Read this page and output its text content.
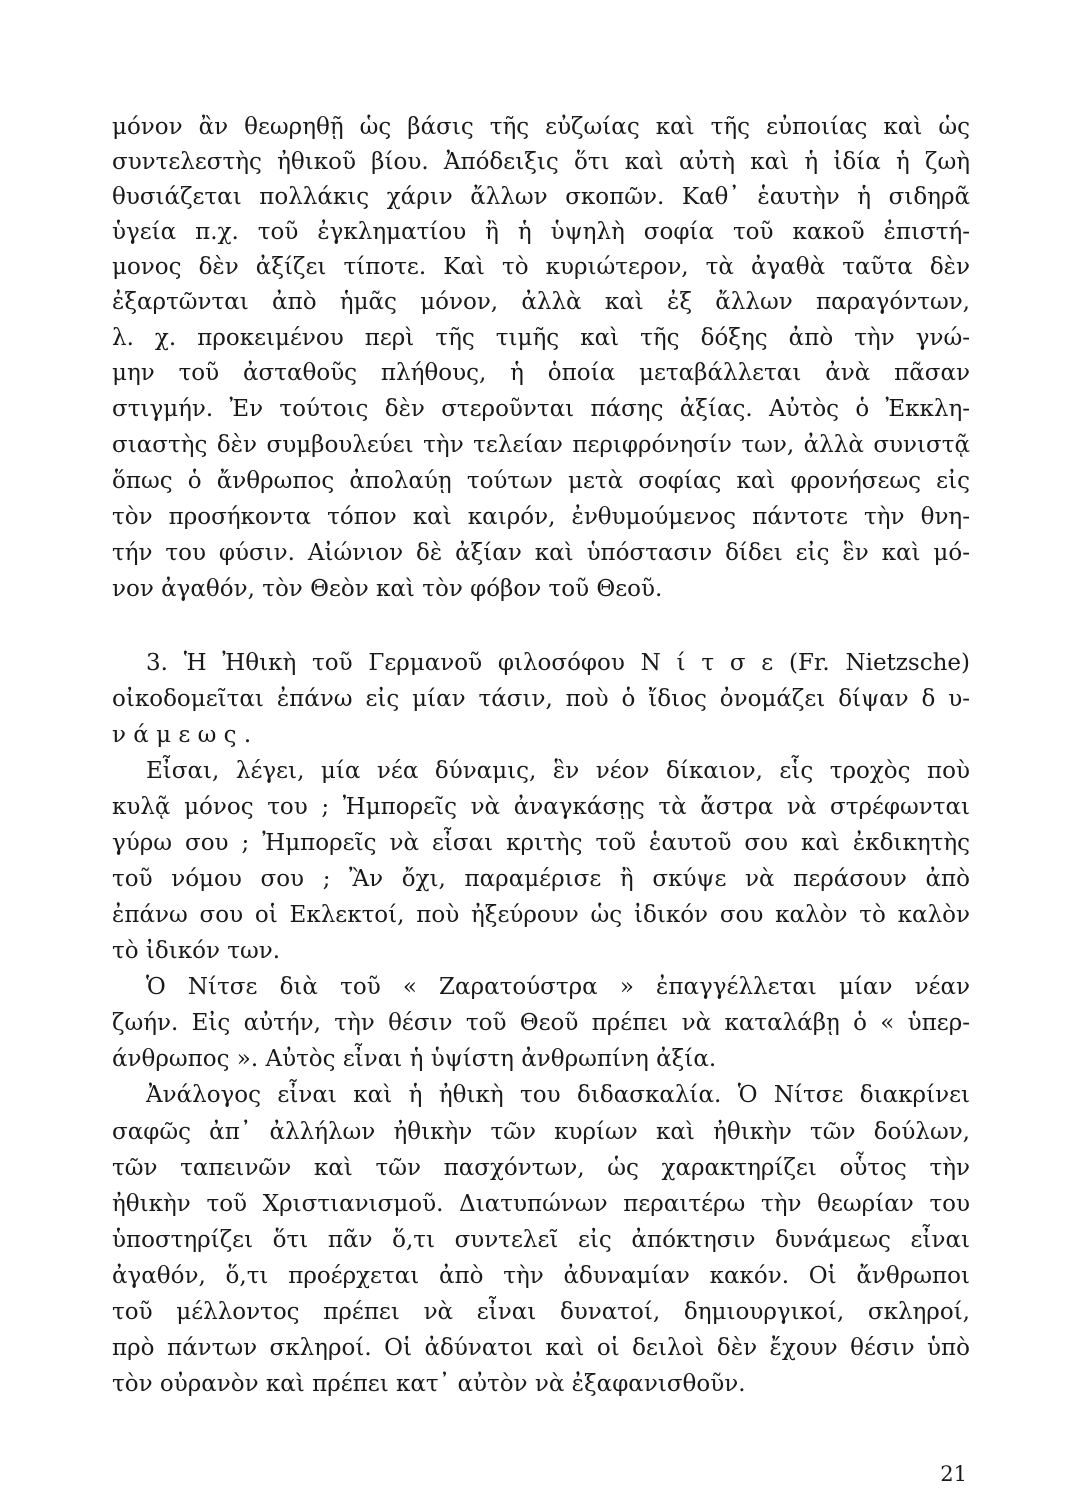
μόνον ἂν θεωρηθῇ ὡς βάσις τῆς εὐζωίας καὶ τῆς εὐποιίας καὶ ὡς
συντελεστὴς ἠθικοῦ βίου. Ἀπόδειξις ὅτι καὶ αὐτὴ καὶ ἡ ἰδία ἡ ζωὴ
θυσιάζεται πολλάκις χάριν ἄλλων σκοπῶν. Καθ᾽ ἑαυτὴν ἡ σιδηρᾶ
ὑγεία π.χ. τοῦ ἐγκληματίου ἢ ἡ ὑψηλὴ σοφία τοῦ κακοῦ ἐπιστή-
μονος δὲν ἀξίζει τίποτε. Καὶ τὸ κυριώτερον, τὰ ἀγαθὰ ταῦτα δὲν
ἐξαρτῶνται ἀπὸ ἡμᾶς μόνον, ἀλλὰ καὶ ἐξ ἄλλων παραγόντων,
λ. χ. προκειμένου περὶ τῆς τιμῆς καὶ τῆς δόξης ἀπὸ τὴν γνώ-
μην τοῦ ἀσταθοῦς πλήθους, ἡ ὁποία μεταβάλλεται ἀνὰ πᾶσαν
στιγμήν. Ἐν τούτοις δὲν στεροῦνται πάσης ἀξίας. Αὐτὸς ὁ Ἐκκλη-
σιαστὴς δὲν συμβουλεύει τὴν τελείαν περιφρόνησίν των, ἀλλὰ συνιστᾷ
ὅπως ὁ ἄνθρωπος ἀπολαύῃ τούτων μετὰ σοφίας καὶ φρονήσεως εἰς
τὸν προσήκοντα τόπον καὶ καιρόν, ἐνθυμούμενος πάντοτε τὴν θνη-
τήν του φύσιν. Αἰώνιον δὲ ἀξίαν καὶ ὑπόστασιν δίδει εἰς ἓν καὶ μό-
νον ἀγαθόν, τὸν Θεὸν καὶ τὸν φόβον τοῦ Θεοῦ.
3. Ἡ Ἠθικὴ τοῦ Γερμανοῦ φιλοσόφου Ν ί τ σ ε (Fr. Nietzsche)
οἰκοδομεῖται ἐπάνω εἰς μίαν τάσιν, ποὺ ὁ ἴδιος ὀνομάζει δίψαν δ υ-
ν ά μ ε ω ς .
Εἶσαι, λέγει, μία νέα δύναμις, ἓν νέον δίκαιον, εἷς τροχὸς ποὺ
κυλᾷ μόνος του ; Ἠμπορεῖς νὰ ἀναγκάσῃς τὰ ἄστρα νὰ στρέφωνται
γύρω σου ; Ἠμπορεῖς νὰ εἶσαι κριτὴς τοῦ ἑαυτοῦ σου καὶ ἐκδικητὴς
τοῦ νόμου σου ; Ἂν ὄχι, παραμέρισε ἢ σκύψε νὰ περάσουν ἀπὸ
ἐπάνω σου οἱ Εκλεκτοί, ποὺ ἠξεύρουν ὡς ἰδικόν σου καλὸν τὸ καλὸν
τὸ ἰδικόν των.
Ὁ Νίτσε διὰ τοῦ « Ζαρατούστρα » ἐπαγγέλλεται μίαν νέαν
ζωήν. Εἰς αὐτήν, τὴν θέσιν τοῦ Θεοῦ πρέπει νὰ καταλάβῃ ὁ « ὑπερ-
άνθρωπος ». Αὐτὸς εἶναι ἡ ὑψίστη ἀνθρωπίνη ἀξία.
Ἀνάλογος εἶναι καὶ ἡ ἠθικὴ του διδασκαλία. Ὁ Νίτσε διακρίνει
σαφῶς ἀπ᾽ ἀλλήλων ἠθικὴν τῶν κυρίων καὶ ἠθικὴν τῶν δούλων,
τῶν ταπεινῶν καὶ τῶν πασχόντων, ὡς χαρακτηρίζει οὗτος τὴν
ἠθικὴν τοῦ Χριστιανισμοῦ. Διατυπώνων περαιτέρω τὴν θεωρίαν του
ὑποστηρίζει ὅτι πᾶν ὅ,τι συντελεῖ εἰς ἀπόκτησιν δυνάμεως εἶναι
ἀγαθόν, ὅ,τι προέρχεται ἀπὸ τὴν ἀδυναμίαν κακόν. Οἱ ἄνθρωποι
τοῦ μέλλοντος πρέπει νὰ εἶναι δυνατοί, δημιουργικοί, σκληροί,
πρὸ πάντων σκληροί. Οἱ ἀδύνατοι καὶ οἱ δειλοὶ δὲν ἔχουν θέσιν ὑπὸ
τὸν οὐρανὸν καὶ πρέπει κατ᾽ αὐτὸν νὰ ἐξαφανισθοῦν.
21
